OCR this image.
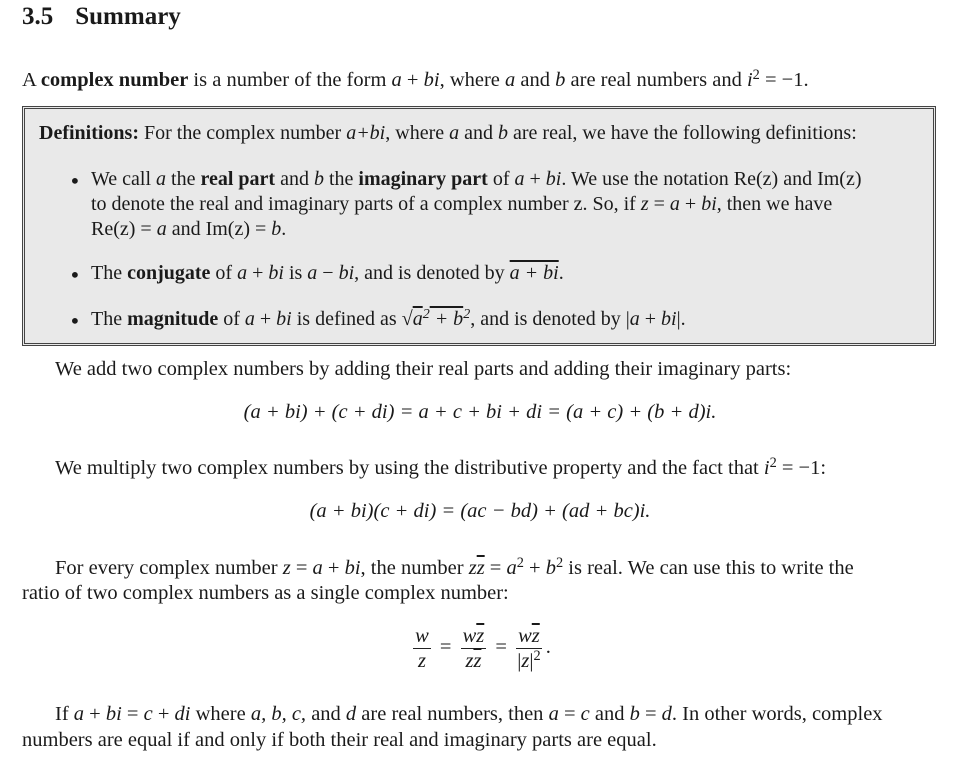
3.5 Summary
A complex number is a number of the form a + bi, where a and b are real numbers and $i^2 = -1$.
Definitions: For the complex number a+bi, where a and b are real, we have the following definitions:
• We call a the real part and b the imaginary part of a + bi. We use the notation Re(z) and Im(z)
to denote the real and imaginary parts of a complex number z. So, if z = a + bi, then we have
Re(z) = a and Im(z) = b.
• The conjugate of a + bi is a − bi, and is denoted by a + bi.
• The magnitude of a + bi is defined as $√a^2 + b^2$, and is denoted by |a + bi|.
We add two complex numbers by adding their real parts and adding their imaginary parts:
(a + bi) + (c + di) = a + c + bi + di = (a + c) + (b + d)i.
We multiply two complex numbers by using the distributive property and the fact that $i^2 = -1$:
(a + bi)(c + di) = (ac − bd) + (ad + bc)i.
For every complex number z = a + bi, the number $z\overline{z} = a^2 + b^2$ is real. We can use this to write the
ratio of two complex numbers as a single complex number:
$\frac{w}{z} = \frac{w\overline{z}}{z\overline{z}} = \frac{w\overline{z}}{|z|^2}$ .
If a + bi = c + di where a, b, c, and d are real numbers, then a = c and b = d. In other words, complex
numbers are equal if and only if both their real and imaginary parts are equal.
